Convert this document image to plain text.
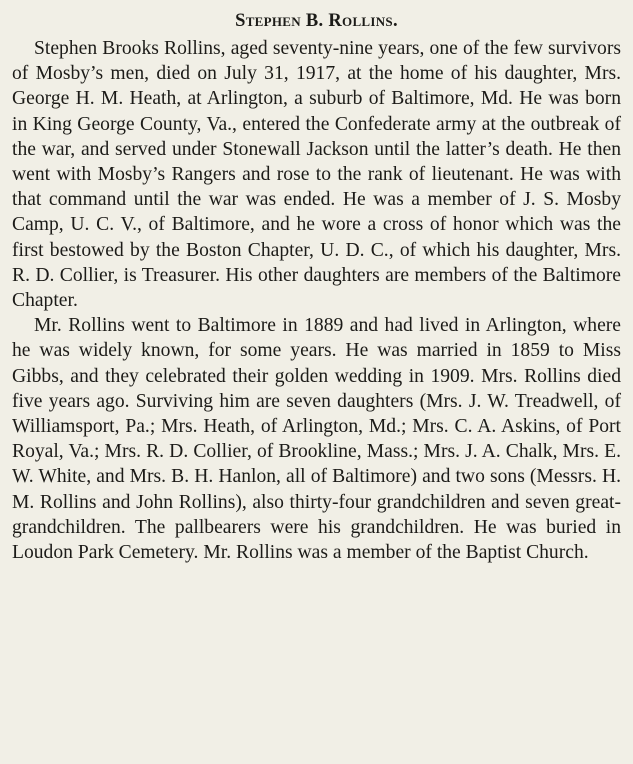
Stephen B. Rollins.

Stephen Brooks Rollins, aged seventy-nine years, one of the few survivors of Mosby’s men, died on July 31, 1917, at the home of his daughter, Mrs. George H. M. Heath, at Arlington, a suburb of Baltimore, Md. He was born in King George County, Va., entered the Confederate army at the outbreak of the war, and served under Stonewall Jackson until the latter’s death. He then went with Mosby’s Rangers and rose to the rank of lieutenant. He was with that command until the war was ended. He was a member of J. S. Mosby Camp, U. C. V., of Baltimore, and he wore a cross of honor which was the first bestowed by the Boston Chapter, U. D. C., of which his daughter, Mrs. R. D. Collier, is Treasurer. His other daughters are members of the Baltimore Chapter.

Mr. Rollins went to Baltimore in 1889 and had lived in Arlington, where he was widely known, for some years. He was married in 1859 to Miss Gibbs, and they celebrated their golden wedding in 1909. Mrs. Rollins died five years ago. Surviving him are seven daughters (Mrs. J. W. Treadwell, of Williamsport, Pa.; Mrs. Heath, of Arlington, Md.; Mrs. C. A. Askins, of Port Royal, Va.; Mrs. R. D. Collier, of Brookline, Mass.; Mrs. J. A. Chalk, Mrs. E. W. White, and Mrs. B. H. Hanlon, all of Baltimore) and two sons (Messrs. H. M. Rollins and John Rollins), also thirty-four grandchildren and seven great-grandchildren. The pallbearers were his grandchildren. He was buried in Loudon Park Cemetery. Mr. Rollins was a member of the Baptist Church.
